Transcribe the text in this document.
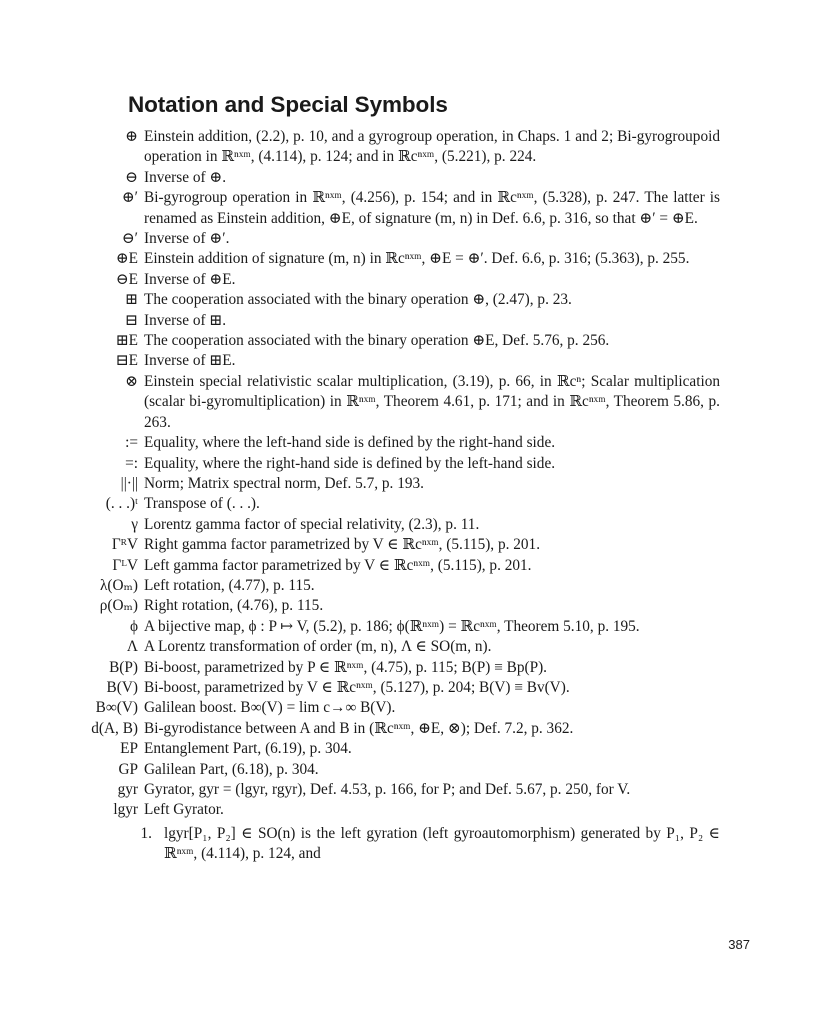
Notation and Special Symbols
⊕ Einstein addition, (2.2), p. 10, and a gyrogroup operation, in Chaps. 1 and 2; Bi-gyrogroupoid operation in ℝⁿˣᵐ, (4.114), p. 124; and in ℝcⁿˣᵐ, (5.221), p. 224.
⊖ Inverse of ⊕.
⊕′ Bi-gyrogroup operation in ℝⁿˣᵐ, (4.256), p. 154; and in ℝcⁿˣᵐ, (5.328), p. 247. The latter is renamed as Einstein addition, ⊕E, of signature (m, n) in Def. 6.6, p. 316, so that ⊕′ = ⊕E.
⊖′ Inverse of ⊕′.
⊕E Einstein addition of signature (m, n) in ℝcⁿˣᵐ, ⊕E = ⊕′. Def. 6.6, p. 316; (5.363), p. 255.
⊖E Inverse of ⊕E.
⊞ The cooperation associated with the binary operation ⊕, (2.47), p. 23.
⊟ Inverse of ⊞.
⊞E The cooperation associated with the binary operation ⊕E, Def. 5.76, p. 256.
⊟E Inverse of ⊞E.
⊗ Einstein special relativistic scalar multiplication, (3.19), p. 66, in ℝcⁿ; Scalar multiplication (scalar bi-gyromultiplication) in ℝⁿˣᵐ, Theorem 4.61, p. 171; and in ℝcⁿˣᵐ, Theorem 5.86, p. 263.
:= Equality, where the left-hand side is defined by the right-hand side.
=: Equality, where the right-hand side is defined by the left-hand side.
||·|| Norm; Matrix spectral norm, Def. 5.7, p. 193.
(. . .)ᵗ Transpose of (. . .).
γ Lorentz gamma factor of special relativity, (2.3), p. 11.
ΓᴿV Right gamma factor parametrized by V ∈ ℝcⁿˣᵐ, (5.115), p. 201.
ΓᴸV Left gamma factor parametrized by V ∈ ℝcⁿˣᵐ, (5.115), p. 201.
λ(Oₘ) Left rotation, (4.77), p. 115.
ρ(Oₘ) Right rotation, (4.76), p. 115.
ϕ A bijective map, ϕ : P ↦ V, (5.2), p. 186; ϕ(ℝⁿˣᵐ) = ℝcⁿˣᵐ, Theorem 5.10, p. 195.
Λ A Lorentz transformation of order (m, n), Λ ∈ SO(m, n).
B(P) Bi-boost, parametrized by P ∈ ℝⁿˣᵐ, (4.75), p. 115; B(P) ≡ Bp(P).
B(V) Bi-boost, parametrized by V ∈ ℝcⁿˣᵐ, (5.127), p. 204; B(V) ≡ Bv(V).
B∞(V) Galilean boost. B∞(V) = lim c→∞ B(V).
d(A, B) Bi-gyrodistance between A and B in (ℝcⁿˣᵐ, ⊕E, ⊗); Def. 7.2, p. 362.
EP Entanglement Part, (6.19), p. 304.
GP Galilean Part, (6.18), p. 304.
gyr Gyrator, gyr = (lgyr, rgyr), Def. 4.53, p. 166, for P; and Def. 5.67, p. 250, for V.
lgyr Left Gyrator.
1. lgyr[P₁, P₂] ∈ SO(n) is the left gyration (left gyroautomorphism) generated by P₁, P₂ ∈ ℝⁿˣᵐ, (4.114), p. 124, and
387
